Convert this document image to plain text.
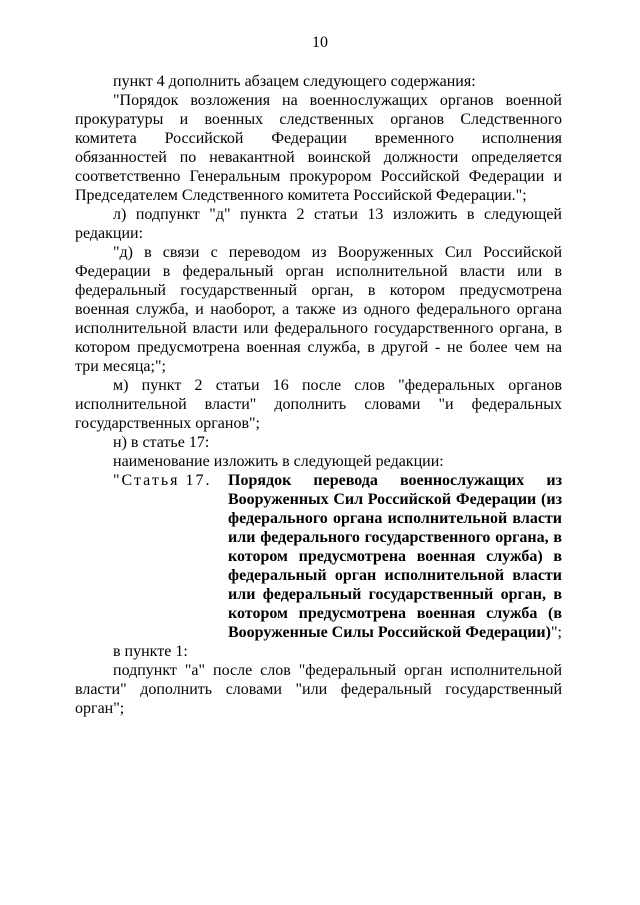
10

пункт 4 дополнить абзацем следующего содержания:

"Порядок возложения на военнослужащих органов военной прокуратуры и военных следственных органов Следственного комитета Российской Федерации временного исполнения обязанностей по невакантной воинской должности определяется соответственно Генеральным прокурором Российской Федерации и Председателем Следственного комитета Российской Федерации.";

л) подпункт "д" пункта 2 статьи 13 изложить в следующей редакции:

"д) в связи с переводом из Вооруженных Сил Российской Федерации в федеральный орган исполнительной власти или в федеральный государственный орган, в котором предусмотрена военная служба, и наоборот, а также из одного федерального органа исполнительной власти или федерального государственного органа, в котором предусмотрена военная служба, в другой - не более чем на три месяца;";

м) пункт 2 статьи 16 после слов "федеральных органов исполнительной власти" дополнить словами "и федеральных государственных органов";

н) в статье 17:

наименование изложить в следующей редакции:

"Статья 17.	Порядок перевода военнослужащих из Вооруженных Сил Российской Федерации (из федерального органа исполнительной власти или федерального государственного органа, в котором предусмотрена военная служба) в федеральный орган исполнительной власти или федеральный государственный орган, в котором предусмотрена военная служба (в Вооруженные Силы Российской Федерации)";

в пункте 1:

подпункт "а" после слов "федеральный орган исполнительной власти" дополнить словами "или федеральный государственный орган";
